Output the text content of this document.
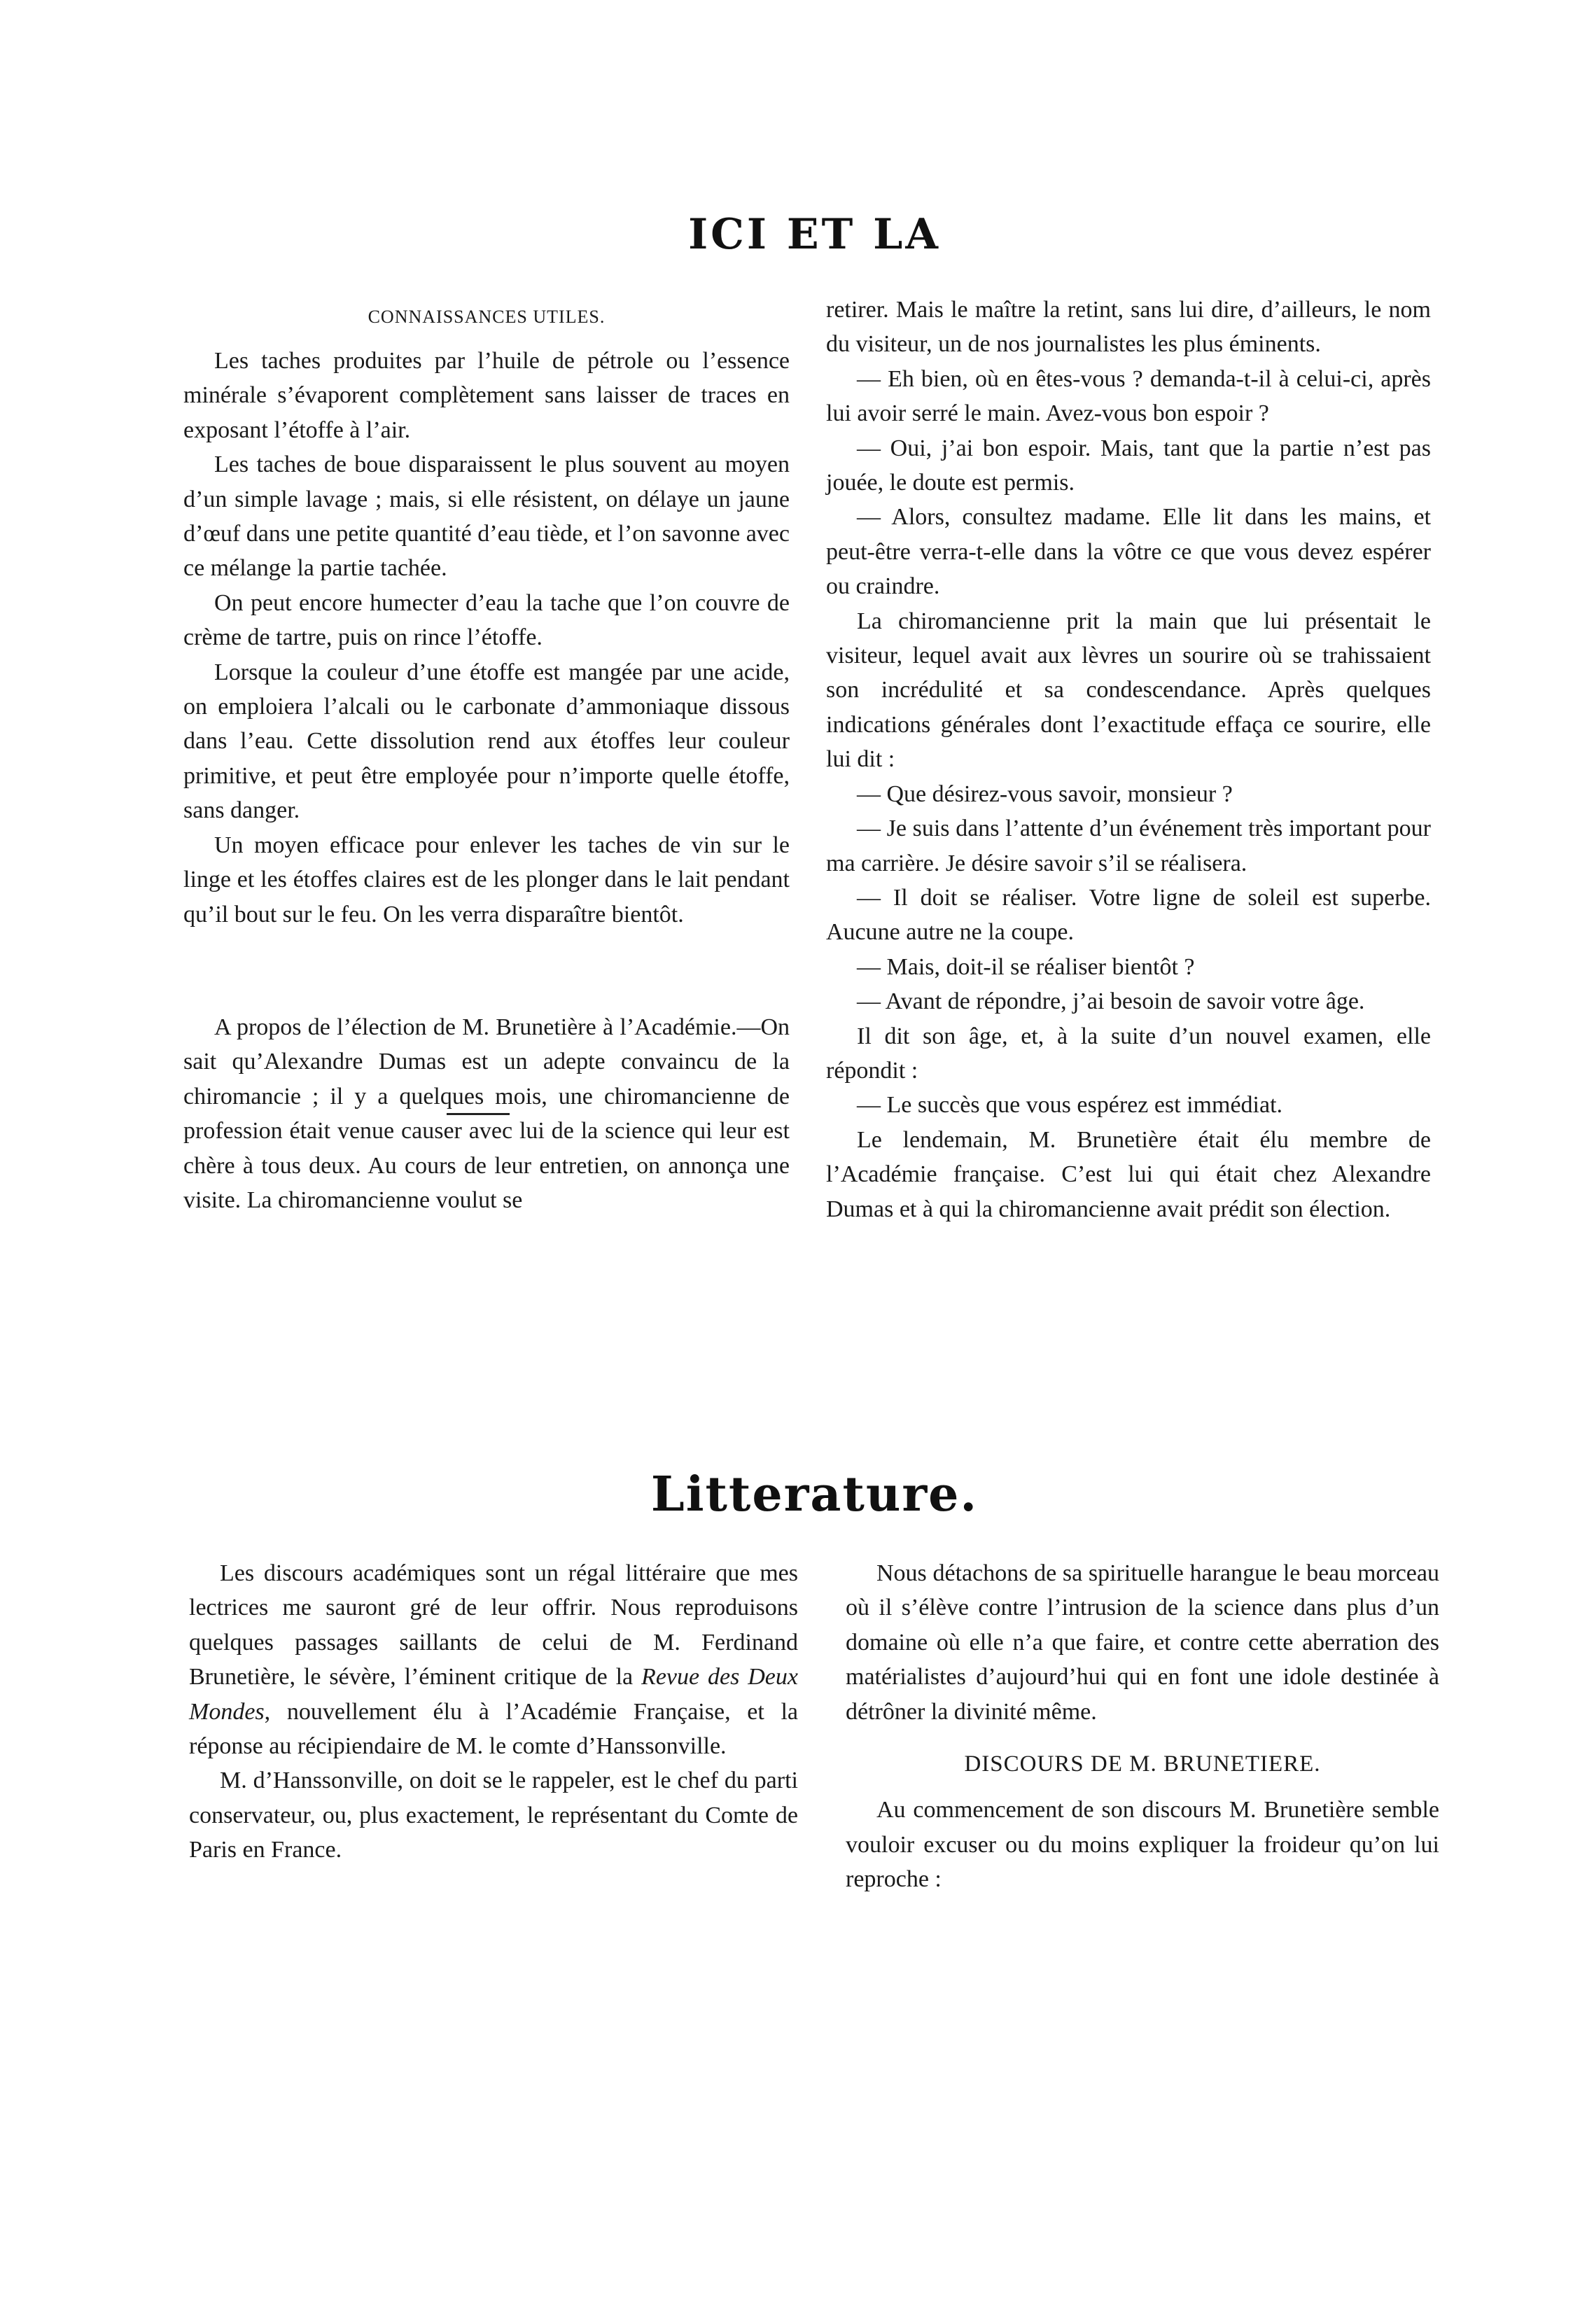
ICI ET LA

CONNAISSANCES UTILES.

Les taches produites par l’huile de pétrole ou l’essence minérale s’évaporent complètement sans laisser de traces en exposant l’étoffe à l’air.

Les taches de boue disparaissent le plus souvent au moyen d’un simple lavage ; mais, si elle résistent, on délaye un jaune d’œuf dans une petite quantité d’eau tiède, et l’on savonne avec ce mélange la partie tachée.

On peut encore humecter d’eau la tache que l’on couvre de crème de tartre, puis on rince l’étoffe.

Lorsque la couleur d’une étoffe est mangée par une acide, on emploiera l’alcali ou le carbonate d’ammoniaque dissous dans l’eau. Cette dissolution rend aux étoffes leur couleur primitive, et peut être employée pour n’importe quelle étoffe, sans danger.

Un moyen efficace pour enlever les taches de vin sur le linge et les étoffes claires est de les plonger dans le lait pendant qu’il bout sur le feu. On les verra disparaître bientôt.

A propos de l’élection de M. Brunetière à l’Académie.—On sait qu’Alexandre Dumas est un adepte convaincu de la chiromancie ; il y a quelques mois, une chiromancienne de profession était venue causer avec lui de la science qui leur est chère à tous deux. Au cours de leur entretien, on annonça une visite. La chiromancienne voulut se

retirer. Mais le maître la retint, sans lui dire, d’ailleurs, le nom du visiteur, un de nos journalistes les plus éminents.

— Eh bien, où en êtes-vous ? demanda-t-il à celui-ci, après lui avoir serré le main. Avez-vous bon espoir ?

— Oui, j’ai bon espoir. Mais, tant que la partie n’est pas jouée, le doute est permis.

— Alors, consultez madame. Elle lit dans les mains, et peut-être verra-t-elle dans la vôtre ce que vous devez espérer ou craindre.

La chiromancienne prit la main que lui présentait le visiteur, lequel avait aux lèvres un sourire où se trahissaient son incrédulité et sa condescendance. Après quelques indications générales dont l’exactitude effaça ce sourire, elle lui dit :

— Que désirez-vous savoir, monsieur ?

— Je suis dans l’attente d’un événement très important pour ma carrière. Je désire savoir s’il se réalisera.

— Il doit se réaliser. Votre ligne de soleil est superbe. Aucune autre ne la coupe.

— Mais, doit-il se réaliser bientôt ?

— Avant de répondre, j’ai besoin de savoir votre âge.

Il dit son âge, et, à la suite d’un nouvel examen, elle répondit :

— Le succès que vous espérez est immédiat.

Le lendemain, M. Brunetière était élu membre de l’Académie française. C’est lui qui était chez Alexandre Dumas et à qui la chiromancienne avait prédit son élection.

Litterature.

Les discours académiques sont un régal littéraire que mes lectrices me sauront gré de leur offrir. Nous reproduisons quelques passages saillants de celui de M. Ferdinand Brunetière, le sévère, l’éminent critique de la Revue des Deux Mondes, nouvellement élu à l’Académie Française, et la réponse au récipiendaire de M. le comte d’Hanssonville.

M. d’Hanssonville, on doit se le rappeler, est le chef du parti conservateur, ou, plus exactement, le représentant du Comte de Paris en France.

Nous détachons de sa spirituelle harangue le beau morceau où il s’élève contre l’intrusion de la science dans plus d’un domaine où elle n’a que faire, et contre cette aberration des matérialistes d’aujourd’hui qui en font une idole destinée à détrôner la divinité même.

DISCOURS DE M. BRUNETIERE.

Au commencement de son discours M. Brunetière semble vouloir excuser ou du moins expliquer la froideur qu’on lui reproche :
